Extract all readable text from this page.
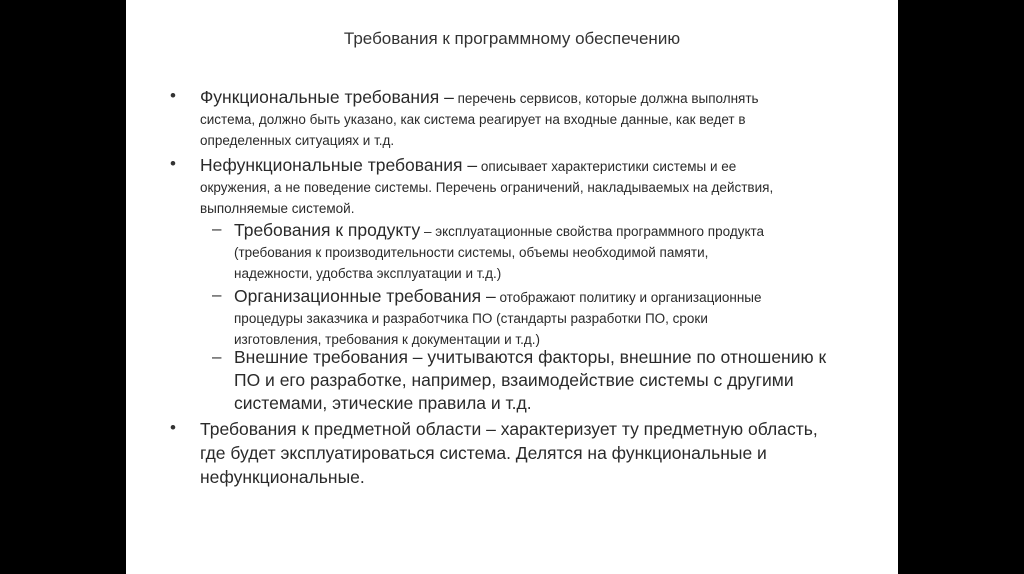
Требования к программному обеспечению
• Функциональные требования – перечень сервисов, которые должна выполнять
система, должно быть указано, как система реагирует на входные данные, как ведет в
определенных ситуациях и т.д.
• Нефункциональные требования – описывает характеристики системы и ее
окружения, а не поведение системы. Перечень ограничений, накладываемых на действия,
выполняемые системой.
– Требования к продукту – эксплуатационные свойства программного продукта
(требования к производительности системы, объемы необходимой памяти,
надежности, удобства эксплуатации и т.д.)
– Организационные требования – отображают политику и организационные
процедуры заказчика и разработчика ПО (стандарты разработки ПО, сроки
изготовления, требования к документации и т.д.)
– Внешние требования – учитываются факторы, внешние по отношению к
ПО и его разработке, например, взаимодействие системы с другими
системами, этические правила и т.д.
• Требования к предметной области – характеризует ту предметную область,
где будет эксплуатироваться система. Делятся на функциональные и
нефункциональные.
